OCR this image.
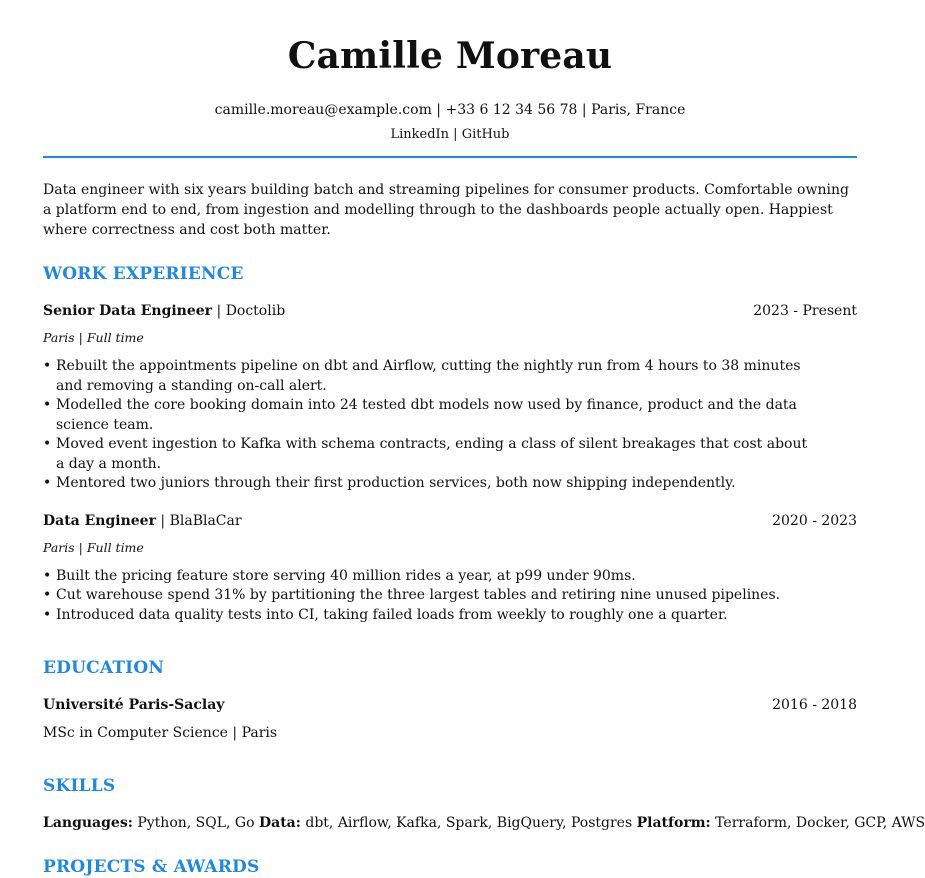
Camille Moreau
camille.moreau@example.com | +33 6 12 34 56 78 | Paris, France
LinkedIn | GitHub
Data engineer with six years building batch and streaming pipelines for consumer products. Comfortable owning a platform end to end, from ingestion and modelling through to the dashboards people actually open. Happiest where correctness and cost both matter.
WORK EXPERIENCE
Senior Data Engineer | Doctolib	2023 - Present
Paris | Full time
• Rebuilt the appointments pipeline on dbt and Airflow, cutting the nightly run from 4 hours to 38 minutes and removing a standing on-call alert.
• Modelled the core booking domain into 24 tested dbt models now used by finance, product and the data science team.
• Moved event ingestion to Kafka with schema contracts, ending a class of silent breakages that cost about a day a month.
• Mentored two juniors through their first production services, both now shipping independently.
Data Engineer | BlaBlaCar	2020 - 2023
Paris | Full time
• Built the pricing feature store serving 40 million rides a year, at p99 under 90ms.
• Cut warehouse spend 31% by partitioning the three largest tables and retiring nine unused pipelines.
• Introduced data quality tests into CI, taking failed loads from weekly to roughly one a quarter.
EDUCATION
Université Paris-Saclay	2016 - 2018
MSc in Computer Science | Paris
SKILLS
Languages: Python, SQL, Go Data: dbt, Airflow, Kafka, Spark, BigQuery, Postgres Platform: Terraform, Docker, GCP, AWS
PROJECTS & AWARDS
